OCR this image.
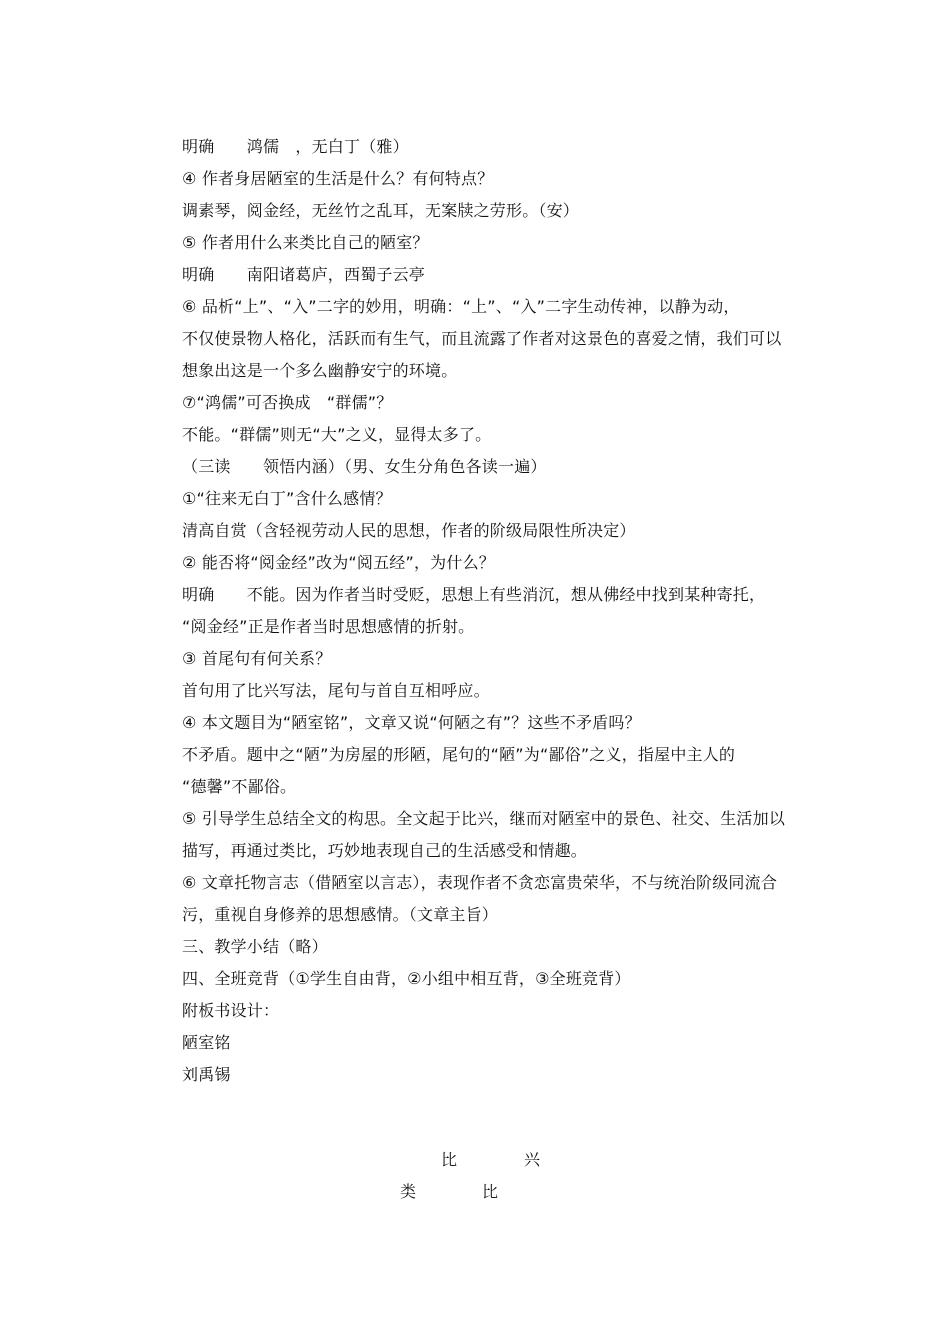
明确　　鸿儒　，无白丁（雅）
④ 作者身居陋室的生活是什么？有何特点？
调素琴，阅金经，无丝竹之乱耳，无案牍之劳形。（安）
⑤ 作者用什么来类比自己的陋室？
明确　　南阳诸葛庐，西蜀子云亭
⑥ 品析“上”、“入”二字的妙用，明确：“上”、“入”二字生动传神，以静为动，
不仅使景物人格化，活跃而有生气，而且流露了作者对这景色的喜爱之情，我们可以
想象出这是一个多么幽静安宁的环境。
⑦“鸿儒”可否换成　“群儒”？
不能。“群儒”则无“大”之义，显得太多了。
（三读　　领悟内涵）（男、女生分角色各读一遍）
①“往来无白丁”含什么感情？
清高自赏（含轻视劳动人民的思想，作者的阶级局限性所决定）
② 能否将“阅金经”改为“阅五经”，为什么？
明确　　不能。因为作者当时受贬，思想上有些消沉，想从佛经中找到某种寄托，
“阅金经”正是作者当时思想感情的折射。
③ 首尾句有何关系？
首句用了比兴写法，尾句与首自互相呼应。
④ 本文题目为“陋室铭”，文章又说“何陋之有”？这些不矛盾吗？
不矛盾。题中之“陋”为房屋的形陋，尾句的“陋”为“鄙俗”之义，指屋中主人的
“德馨”不鄙俗。
⑤ 引导学生总结全文的构思。全文起于比兴，继而对陋室中的景色、社交、生活加以
描写，再通过类比，巧妙地表现自己的生活感受和情趣。
⑥ 文章托物言志（借陋室以言志），表现作者不贪恋富贵荣华，不与统治阶级同流合
污，重视自身修养的思想感情。（文章主旨）
三、教学小结（略）
四、全班竞背（①学生自由背，②小组中相互背，③全班竞背）
附板书设计：
陋室铭
刘禹锡
比	兴
类	比
